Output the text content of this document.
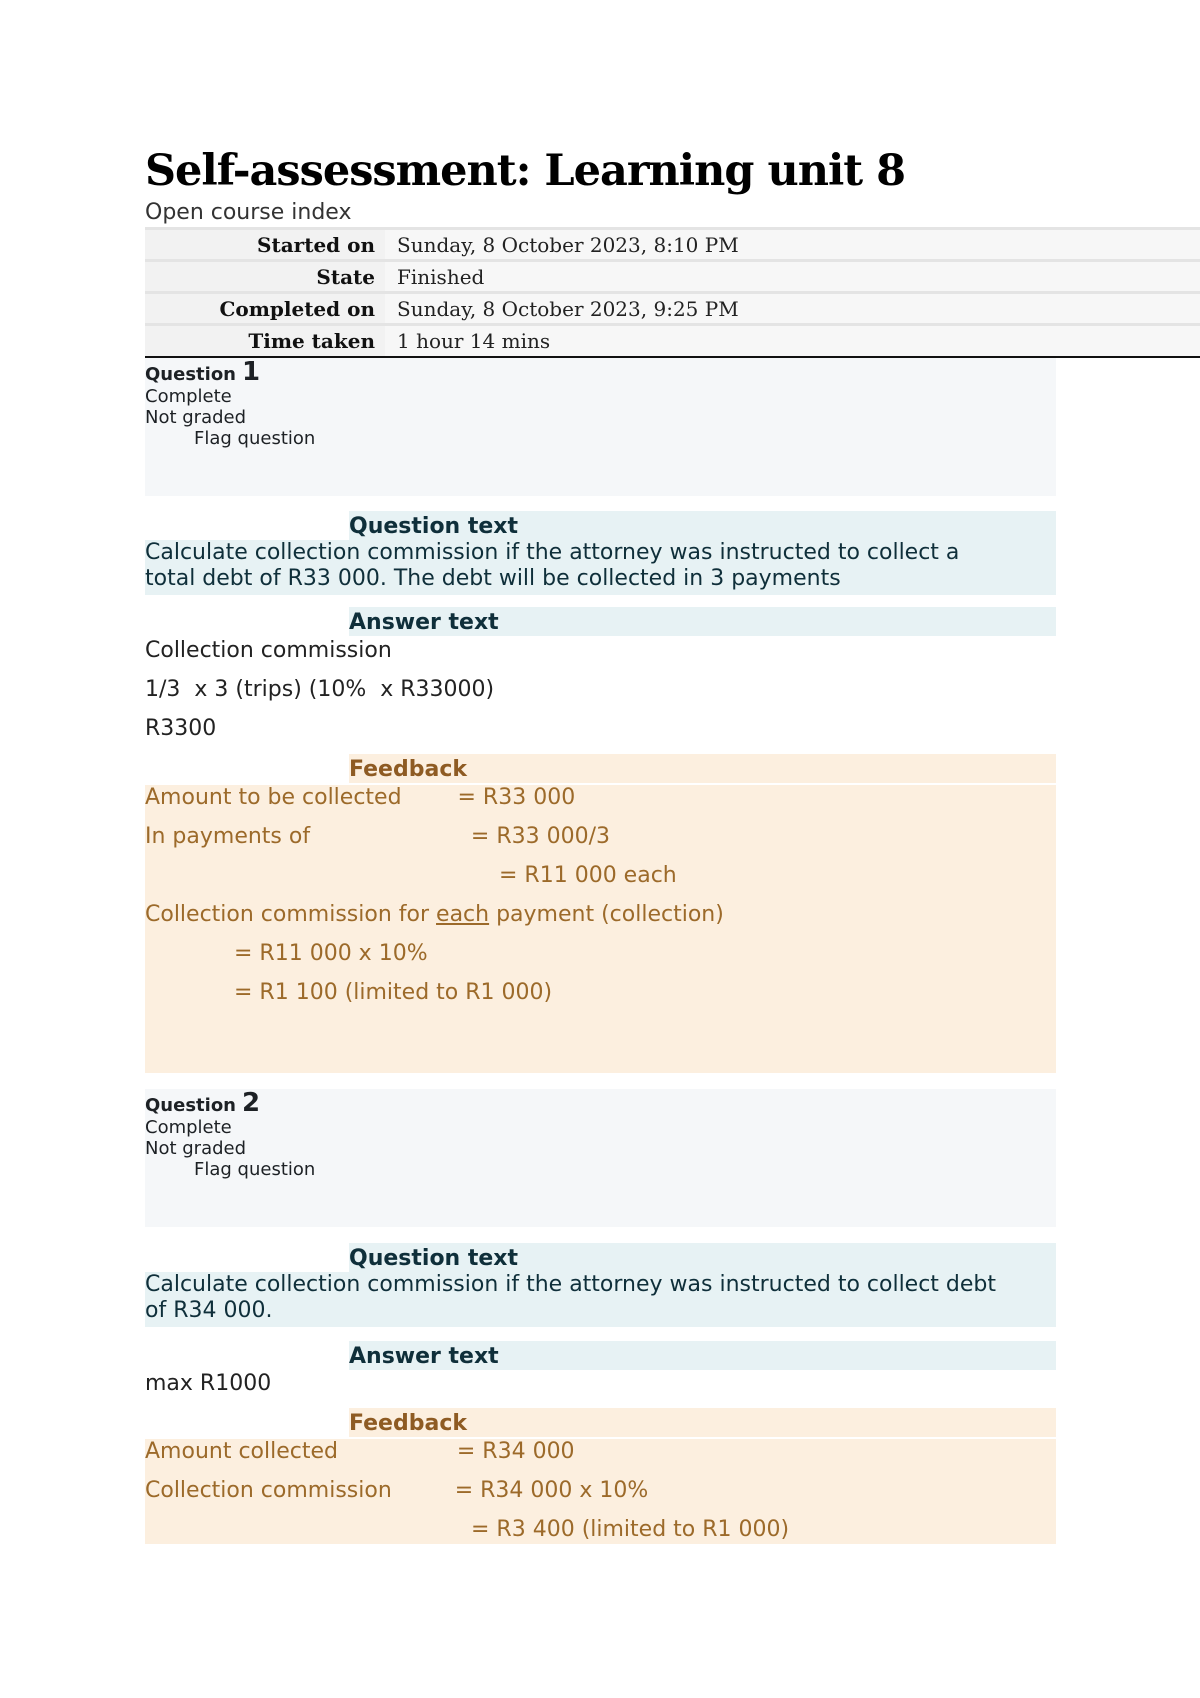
Self-assessment: Learning unit 8
Open course index
Started on	Sunday, 8 October 2023, 8:10 PM
State	Finished
Completed on	Sunday, 8 October 2023, 9:25 PM
Time taken	1 hour 14 mins
Question 1
Complete
Not graded
Flag question
Question text
Calculate collection commission if the attorney was instructed to collect a
total debt of R33 000. The debt will be collected in 3 payments
Answer text
Collection commission
1/3  x 3 (trips) (10%  x R33000)
R3300
Feedback
Amount to be collected        = R33 000
In payments of                       = R33 000/3
= R11 000 each
Collection commission for each payment (collection)
= R11 000 x 10%
= R1 100 (limited to R1 000)
Question 2
Complete
Not graded
Flag question
Question text
Calculate collection commission if the attorney was instructed to collect debt
of R34 000.
Answer text
max R1000
Feedback
Amount collected                 = R34 000
Collection commission         = R34 000 x 10%
= R3 400 (limited to R1 000)
